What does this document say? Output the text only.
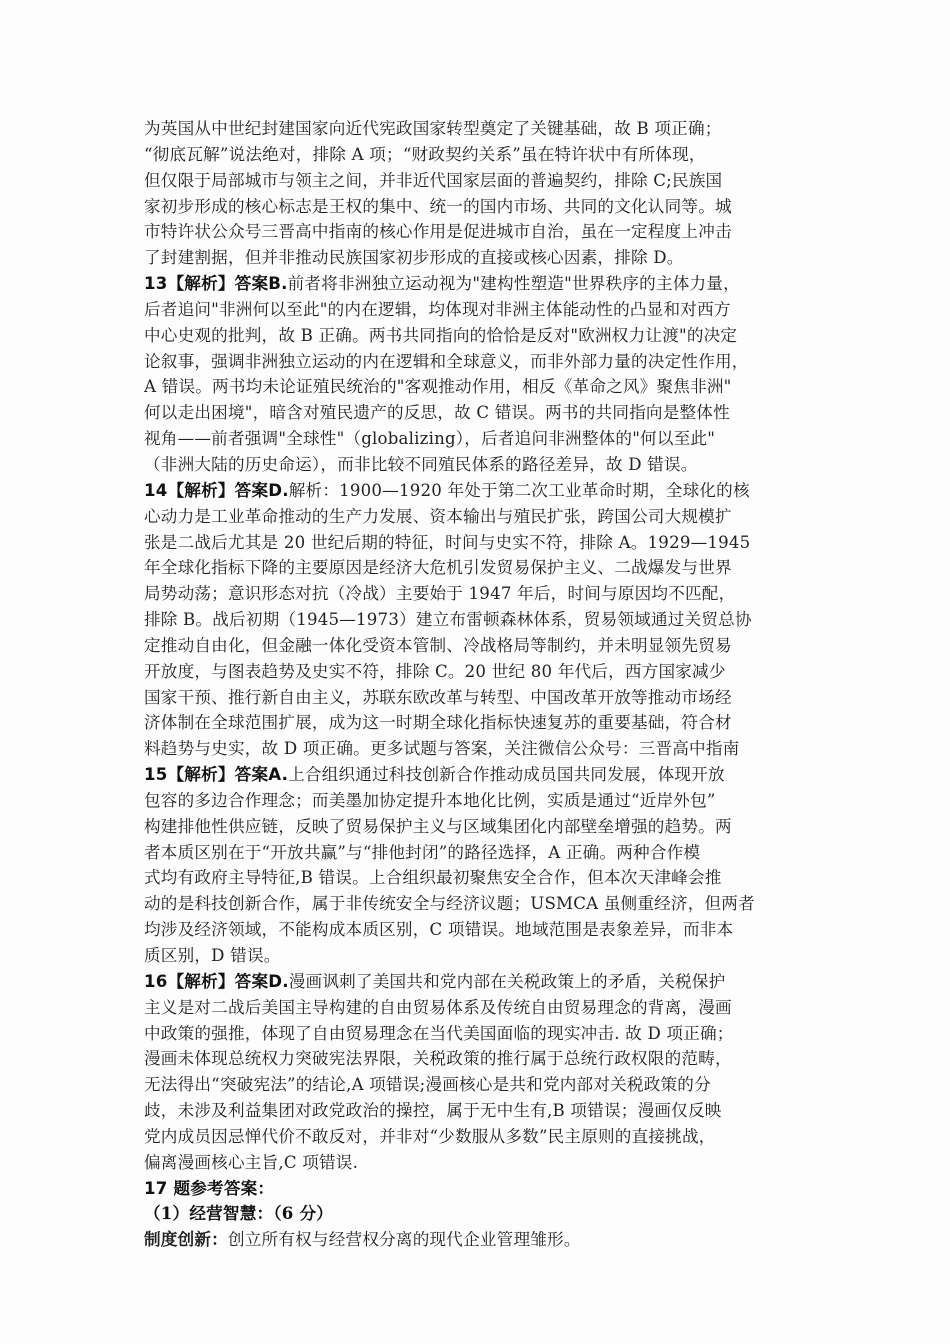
为英国从中世纪封建国家向近代宪政国家转型奠定了关键基础，故 B 项正确；
“彻底瓦解”说法绝对，排除 A 项；“财政契约关系”虽在特许状中有所体现，
但仅限于局部城市与领主之间，并非近代国家层面的普遍契约，排除 C;民族国
家初步形成的核心标志是王权的集中、统一的国内市场、共同的文化认同等。城
市特许状公众号三晋高中指南的核心作用是促进城市自治，虽在一定程度上冲击
了封建割据，但并非推动民族国家初步形成的直接或核心因素，排除 D。
13【解析】答案B.前者将非洲独立运动视为"建构性塑造"世界秩序的主体力量，
后者追问"非洲何以至此"的内在逻辑，均体现对非洲主体能动性的凸显和对西方
中心史观的批判，故 B 正确。两书共同指向的恰恰是反对"欧洲权力让渡"的决定
论叙事，强调非洲独立运动的内在逻辑和全球意义，而非外部力量的决定性作用，
A 错误。两书均未论证殖民统治的"客观推动作用，相反《革命之风》聚焦非洲"
何以走出困境"，暗含对殖民遗产的反思，故 C 错误。两书的共同指向是整体性
视角——前者强调"全球性"（globalizing），后者追问非洲整体的"何以至此"
（非洲大陆的历史命运），而非比较不同殖民体系的路径差异，故 D 错误。
14【解析】答案D.解析：1900—1920 年处于第二次工业革命时期，全球化的核
心动力是工业革命推动的生产力发展、资本输出与殖民扩张，跨国公司大规模扩
张是二战后尤其是 20 世纪后期的特征，时间与史实不符，排除 A。1929—1945
年全球化指标下降的主要原因是经济大危机引发贸易保护主义、二战爆发与世界
局势动荡；意识形态对抗（冷战）主要始于 1947 年后，时间与原因均不匹配，
排除 B。战后初期（1945—1973）建立布雷顿森林体系，贸易领域通过关贸总协
定推动自由化，但金融一体化受资本管制、冷战格局等制约，并未明显领先贸易
开放度，与图表趋势及史实不符，排除 C。20 世纪 80 年代后，西方国家减少
国家干预、推行新自由主义，苏联东欧改革与转型、中国改革开放等推动市场经
济体制在全球范围扩展，成为这一时期全球化指标快速复苏的重要基础，符合材
料趋势与史实，故 D 项正确。更多试题与答案，关注微信公众号：三晋高中指南
15【解析】答案A.上合组织通过科技创新合作推动成员国共同发展，体现开放
包容的多边合作理念；而美墨加协定提升本地化比例，实质是通过“近岸外包”
构建排他性供应链，反映了贸易保护主义与区域集团化内部壁垒增强的趋势。两
者本质区别在于“开放共赢”与“排他封闭”的路径选择，A 正确。两种合作模
式均有政府主导特征,B 错误。上合组织最初聚焦安全合作，但本次天津峰会推
动的是科技创新合作，属于非传统安全与经济议题；USMCA 虽侧重经济，但两者
均涉及经济领域，不能构成本质区别，C 项错误。地域范围是表象差异，而非本
质区别，D 错误。
16【解析】答案D.漫画讽刺了美国共和党内部在关税政策上的矛盾，关税保护
主义是对二战后美国主导构建的自由贸易体系及传统自由贸易理念的背离，漫画
中政策的强推，体现了自由贸易理念在当代美国面临的现实冲击. 故 D 项正确；
漫画未体现总统权力突破宪法界限，关税政策的推行属于总统行政权限的范畴，
无法得出“突破宪法”的结论,A 项错误;漫画核心是共和党内部对关税政策的分
歧，未涉及利益集团对政党政治的操控，属于无中生有,B 项错误；漫画仅反映
党内成员因忌惮代价不敢反对，并非对“少数服从多数”民主原则的直接挑战，
偏离漫画核心主旨,C 项错误.
17 题参考答案：
（1）经营智慧：（6 分）
制度创新：创立所有权与经营权分离的现代企业管理雏形。
